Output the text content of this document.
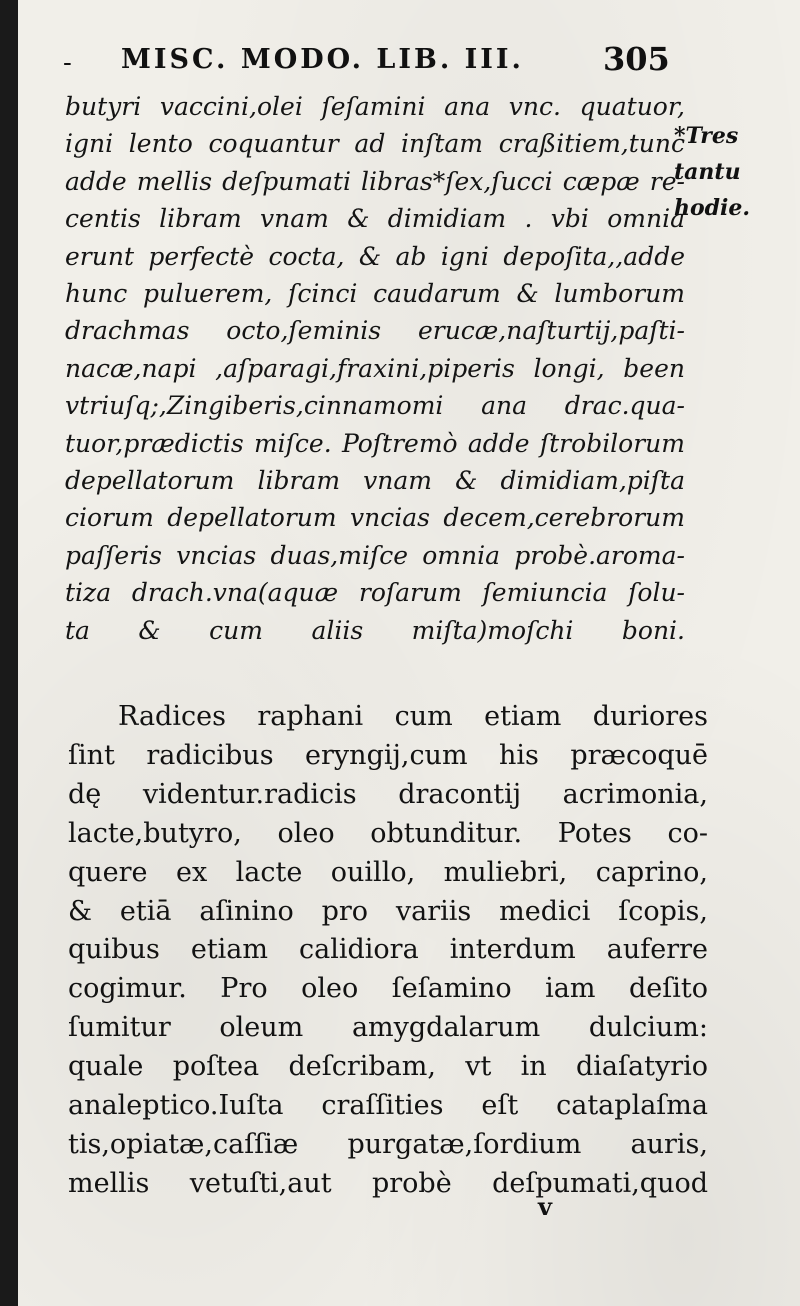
- MISC. MODO. LIB. III. 305
butyri vaccini,olei ſeſamini ana vnc. quatuor,
igni lento coquantur ad inſtam craßitiem,tunc
adde mellis deſpumati libras*ſex,ſucci cæpæ re-
centis libram vnam & dimidiam . vbi omnia
erunt perfectè cocta, & ab igni depoſita,,adde
hunc puluerem, ſcinci caudarum & lumborum
drachmas octo,ſeminis erucæ,naſturtij,paſti-
nacæ,napi ,aſparagi,fraxini,piperis longi, been
vtriuſq;,Zingiberis,cinnamomi ana drac.qua-
tuor,prædictis miſce. Poſtremò adde ſtrobilorum
depellatorum libram vnam & dimidiam,piſta
ciorum depellatorum vncias decem,cerebrorum
paſſeris vncias duas,miſce omnia probè.aroma-
tiza drach.vna(aquæ roſarum ſemiuncia ſolu-
ta & cum aliis miſta)moſchi boni.
*Tres
tantu
hodie.
Radices raphani cum etiam duriores
ſint radicibus eryngij,cum his præcoquē
dę videntur.radicis dracontij acrimonia,
lacte,butyro, oleo obtunditur. Potes co-
quere ex lacte ouillo, muliebri, caprino,
& etiā aſinino pro variis medici ſcopis,
quibus etiam calidiora interdum auferre
cogimur. Pro oleo ſeſamino iam deſito
ſumitur oleum amygdalarum dulcium:
quale poſtea deſcribam, vt in diaſatyrio
analeptico.Iuſta craſſities eſt cataplaſma
tis,opiatæ,caſſiæ purgatæ,ſordium auris,
mellis vetuſti,aut probè deſpumati,quod
v
